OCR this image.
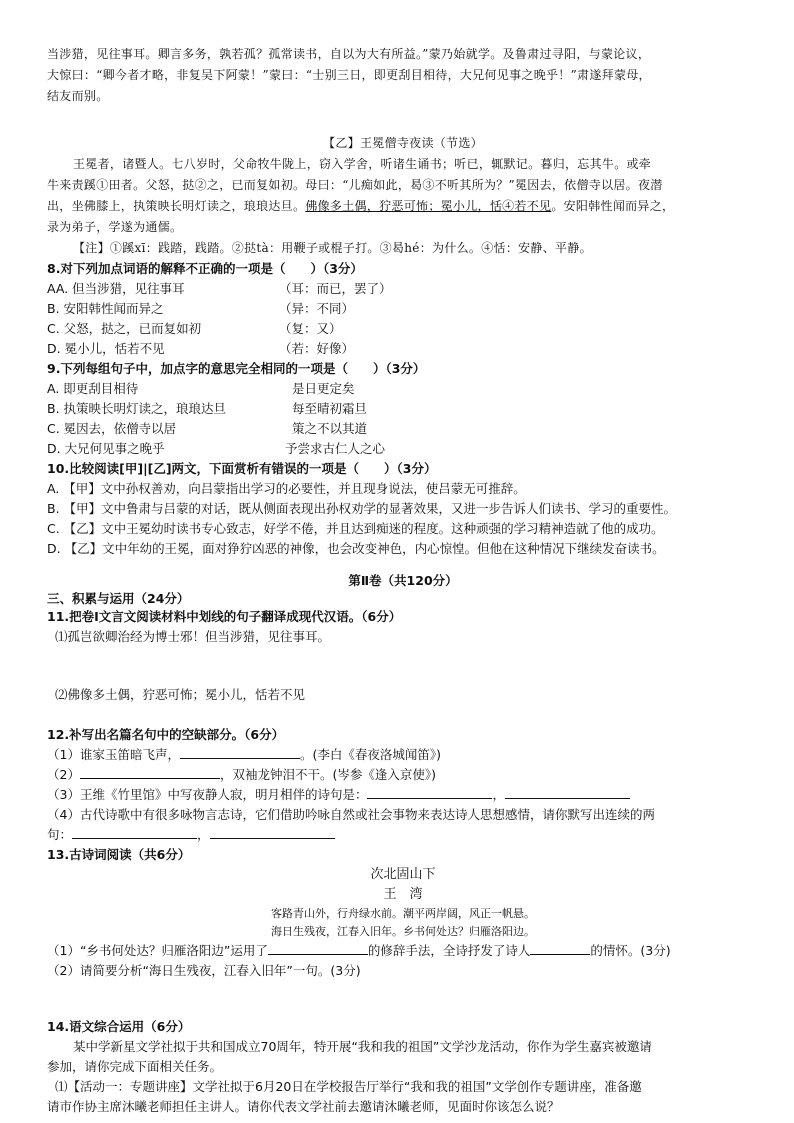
当涉猎，见往事耳。卿言多务，孰若孤？孤常读书，自以为大有所益。”蒙乃始就学。及鲁肃过寻阳，与蒙论议，

大惊曰：“卿今者才略，非复吴下阿蒙！”蒙曰：“士别三日，即更刮目相待，大兄何见事之晚乎！”肃遂拜蒙母，

结友而别。

【乙】王冕僧寺夜读（节选）

王冕者，诸暨人。七八岁时，父命牧牛陇上，窃入学舍，听诸生诵书；听已，辄默记。暮归，忘其牛。或牵

牛来责蹊①田者。父怒，挞②之，已而复如初。母曰：“儿痴如此，曷③不听其所为？”冕因去，依僧寺以居。夜潜

出，坐佛膝上，执策映长明灯读之，琅琅达旦。佛像多土偶，狞恶可怖；冕小儿，恬④若不见。安阳韩性闻而异之，

录为弟子，学遂为通儒。

【注】①蹊xī：践踏，践踏。②挞tà：用鞭子或棍子打。③曷hé：为什么。④恬：安静、平静。

8.对下列加点词语的解释不正确的一项是（　　）（3分）

AA. 但当涉猎，见往事耳	（耳：而已，罢了）
B. 安阳韩性闻而异之	（异：不同）
C. 父怒，挞之，已而复如初	（复：又）
D. 冕小儿，恬若不见	（若：好像）

9.下列每组句子中，加点字的意思完全相同的一项是（　　）（3分）

A. 即更刮目相待	是日更定矣
B. 执策映长明灯读之，琅琅达旦	每至晴初霜旦
C. 冕因去，依僧寺以居	策之不以其道
D. 大兄何见事之晚乎	予尝求古仁人之心

10.比较阅读[甲]|[乙]两文，下面赏析有错误的一项是（　　）（3分）

A. 【甲】文中孙权善劝，向吕蒙指出学习的必要性，并且现身说法，使吕蒙无可推辞。

B. 【甲】文中鲁肃与吕蒙的对话，既从侧面表现出孙权劝学的显著效果，又进一步告诉人们读书、学习的重要性。

C. 【乙】文中王冕幼时读书专心致志，好学不倦，并且达到痴迷的程度。这种顽强的学习精神造就了他的成功。

D. 【乙】文中年幼的王冕，面对狰狞凶恶的神像，也会改变神色，内心惊惶。但他在这种情况下继续发奋读书。

第Ⅱ卷（共120分）

三、积累与运用（24分）

11.把卷Ⅰ文言文阅读材料中划线的句子翻译成现代汉语。（6分）

⑴孤岂欲卿治经为博士邪！但当涉猎，见往事耳。

⑵佛像多土偶，狞恶可怖；冕小儿，恬若不见

12.补写出名篇名句中的空缺部分。（6分）

（1）谁家玉笛暗飞声，	。(李白《春夜洛城闻笛》)

（2）	，双袖龙钟泪不干。(岑参《逢入京使》)

（3）王维《竹里馆》中写夜静人寂，明月相伴的诗句是：	，

（4）古代诗歌中有很多咏物言志诗，它们借助吟咏自然或社会事物来表达诗人思想感情，请你默写出连续的两

句：	，

13.古诗词阅读（共6分）

次北固山下

王　湾

客路青山外，行舟绿水前。潮平两岸阔，风正一帆悬。

海日生残夜，江春入旧年。乡书何处达？归雁洛阳边。

（1）“乡书何处达？归雁洛阳边”运用了	的修辞手法，全诗抒发了诗人	的情怀。(3分)

（2）请简要分析“海日生残夜，江春入旧年”一句。(3分)

14.语文综合运用（6分）

某中学新星文学社拟于共和国成立70周年，特开展“我和我的祖国”文学沙龙活动，你作为学生嘉宾被邀请

参加，请你完成下面相关任务。

⑴【活动一：专题讲座】文学社拟于6月20日在学校报告厅举行“我和我的祖国”文学创作专题讲座，准备邀

请市作协主席沐曦老师担任主讲人。请你代表文学社前去邀请沐曦老师，见面时你该怎么说？
